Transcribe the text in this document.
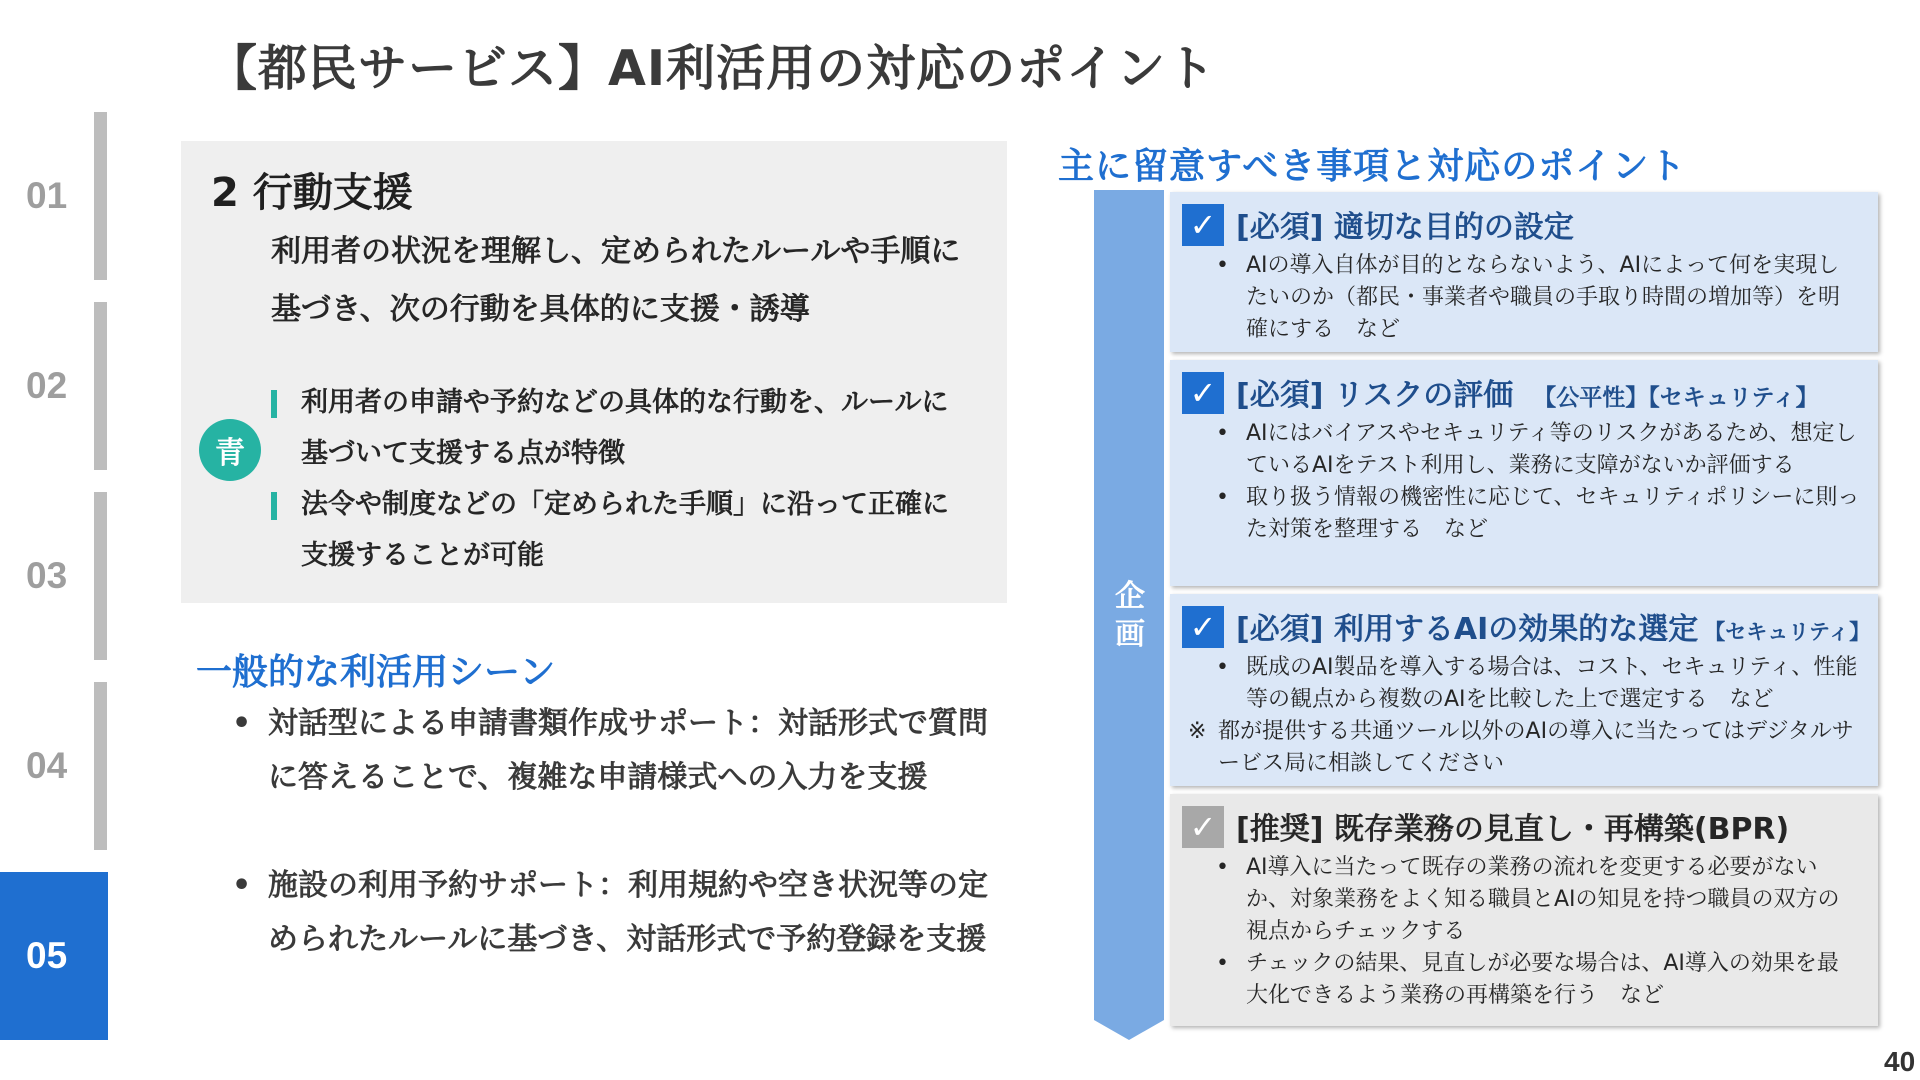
【都民サービス】AI利活用の対応のポイント
01
02
03
04
05
2 行動支援
利用者の状況を理解し、定められたルールや手順に基づき、次の行動を具体的に支援・誘導
青
利用者の申請や予約などの具体的な行動を、ルールに基づいて支援する点が特徴
法令や制度などの「定められた手順」に沿って正確に支援することが可能
一般的な利活用シーン
• 対話型による申請書類作成サポート：対話形式で質問に答えることで、複雑な申請様式への入力を支援
• 施設の利用予約サポート：利用規約や空き状況等の定められたルールに基づき、対話形式で予約登録を支援
主に留意すべき事項と対応のポイント
企画
✓ [必須] 適切な目的の設定
• AIの導入自体が目的とならないよう、AIによって何を実現したいのか（都民・事業者や職員の手取り時間の増加等）を明確にする　など
✓ [必須] リスクの評価 【公平性】【セキュリティ】
• AIにはバイアスやセキュリティ等のリスクがあるため、想定しているAIをテスト利用し、業務に支障がないか評価する
• 取り扱う情報の機密性に応じて、セキュリティポリシーに則った対策を整理する　など
✓ [必須] 利用するAIの効果的な選定 【セキュリティ】
• 既成のAI製品を導入する場合は、コスト、セキュリティ、性能等の観点から複数のAIを比較した上で選定する　など
※ 都が提供する共通ツール以外のAIの導入に当たってはデジタルサービス局に相談してください
✓ [推奨] 既存業務の見直し・再構築(BPR)
• AI導入に当たって既存の業務の流れを変更する必要がないか、対象業務をよく知る職員とAIの知見を持つ職員の双方の視点からチェックする
• チェックの結果、見直しが必要な場合は、AI導入の効果を最大化できるよう業務の再構築を行う　など
40
